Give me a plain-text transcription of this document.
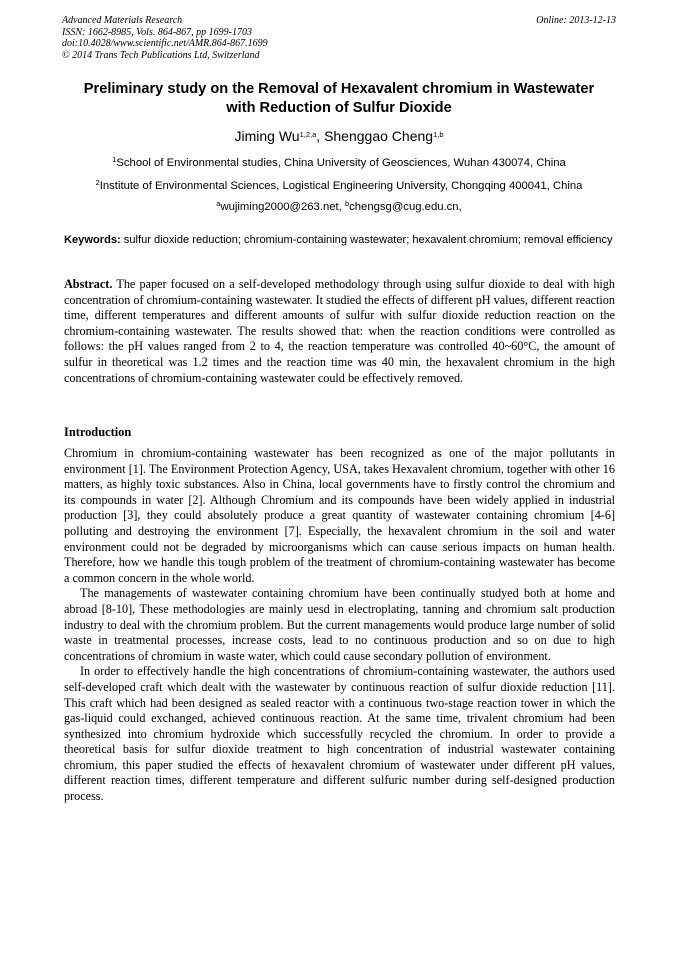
Advanced Materials Research
ISSN: 1662-8985, Vols. 864-867, pp 1699-1703
doi:10.4028/www.scientific.net/AMR.864-867.1699
© 2014 Trans Tech Publications Ltd, Switzerland
Online: 2013-12-13
Preliminary study on the Removal of Hexavalent chromium in Wastewater with Reduction of Sulfur Dioxide
Jiming Wu$^{1,2,a}$, Shenggao Cheng$^{1,b}$
$^1$School of Environmental studies, China University of Geosciences, Wuhan 430074, China
$^2$Institute of Environmental Sciences, Logistical Engineering University, Chongqing 400041, China
$^a$wujiming2000@263.net, $^b$chengsg@cug.edu.cn,
Keywords: sulfur dioxide reduction; chromium-containing wastewater; hexavalent chromium; removal efficiency
Abstract. The paper focused on a self-developed methodology through using sulfur dioxide to deal with high concentration of chromium-containing wastewater. It studied the effects of different pH values, different reaction time, different temperatures and different amounts of sulfur with sulfur dioxide reduction reaction on the chromium-containing wastewater. The results showed that: when the reaction conditions were controlled as follows: the pH values ranged from 2 to 4, the reaction temperature was controlled 40~60°C, the amount of sulfur in theoretical was 1.2 times and the reaction time was 40 min, the hexavalent chromium in the high concentrations of chromium-containing wastewater could be effectively removed.
Introduction

Chromium in chromium-containing wastewater has been recognized as one of the major pollutants in environment [1]. The Environment Protection Agency, USA, takes Hexavalent chromium, together with other 16 matters, as highly toxic substances. Also in China, local governments have to firstly control the chromium and its compounds in water [2]. Although Chromium and its compounds have been widely applied in industrial production [3], they could absolutely produce a great quantity of wastewater containing chromium [4-6] polluting and destroying the environment [7]. Especially, the hexavalent chromium in the soil and water environment could not be degraded by microorganisms which can cause serious impacts on human health. Therefore, how we handle this tough problem of the treatment of chromium-containing wastewater has become a common concern in the whole world.

The managements of wastewater containing chromium have been continually studyed both at home and abroad [8-10], These methodologies are mainly uesd in electroplating, tanning and chromium salt production industry to deal with the chromium problem. But the current managements would produce large number of solid waste in treatmental processes, increase costs, lead to no continuous production and so on due to high concentrations of chromium in waste water, which could cause secondary pollution of environment.

In order to effectively handle the high concentrations of chromium-containing wastewater, the authors used self-developed craft which dealt with the wastewater by continuous reaction of sulfur dioxide reduction [11]. This craft which had been designed as sealed reactor with a continuous two-stage reaction tower in which the gas-liquid could exchanged, achieved continuous reaction. At the same time, trivalent chromium had been synthesized into chromium hydroxide which successfully recycled the chromium. In order to provide a theoretical basis for sulfur dioxide treatment to high concentration of industrial wastewater containing chromium, this paper studied the effects of hexavalent chromium of wastewater under different pH values, different reaction times, different temperature and different sulfuric number during self-designed production process.
